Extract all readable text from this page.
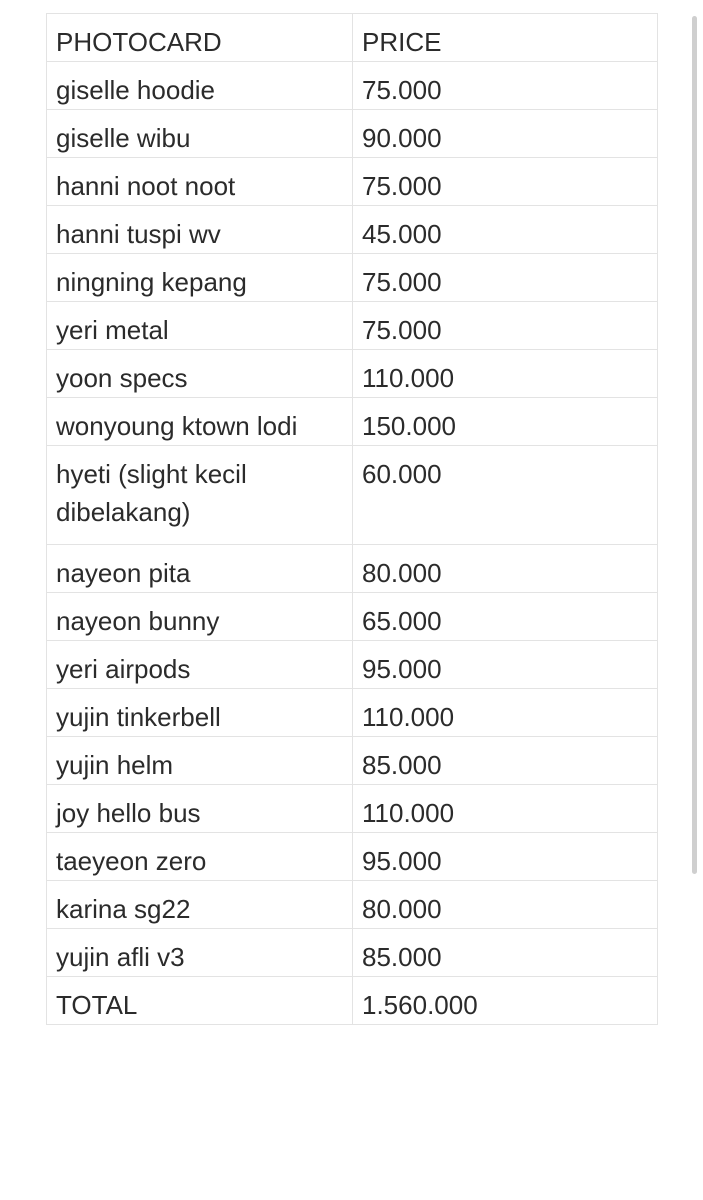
PHOTOCARD	PRICE
giselle hoodie	75.000
giselle wibu	90.000
hanni noot noot	75.000
hanni tuspi wv	45.000
ningning kepang	75.000
yeri metal	75.000
yoon specs	110.000
wonyoung ktown lodi	150.000
hyeti (slight kecil dibelakang)	60.000
nayeon pita	80.000
nayeon bunny	65.000
yeri airpods	95.000
yujin tinkerbell	110.000
yujin helm	85.000
joy hello bus	110.000
taeyeon zero	95.000
karina sg22	80.000
yujin afli v3	85.000
TOTAL	1.560.000
